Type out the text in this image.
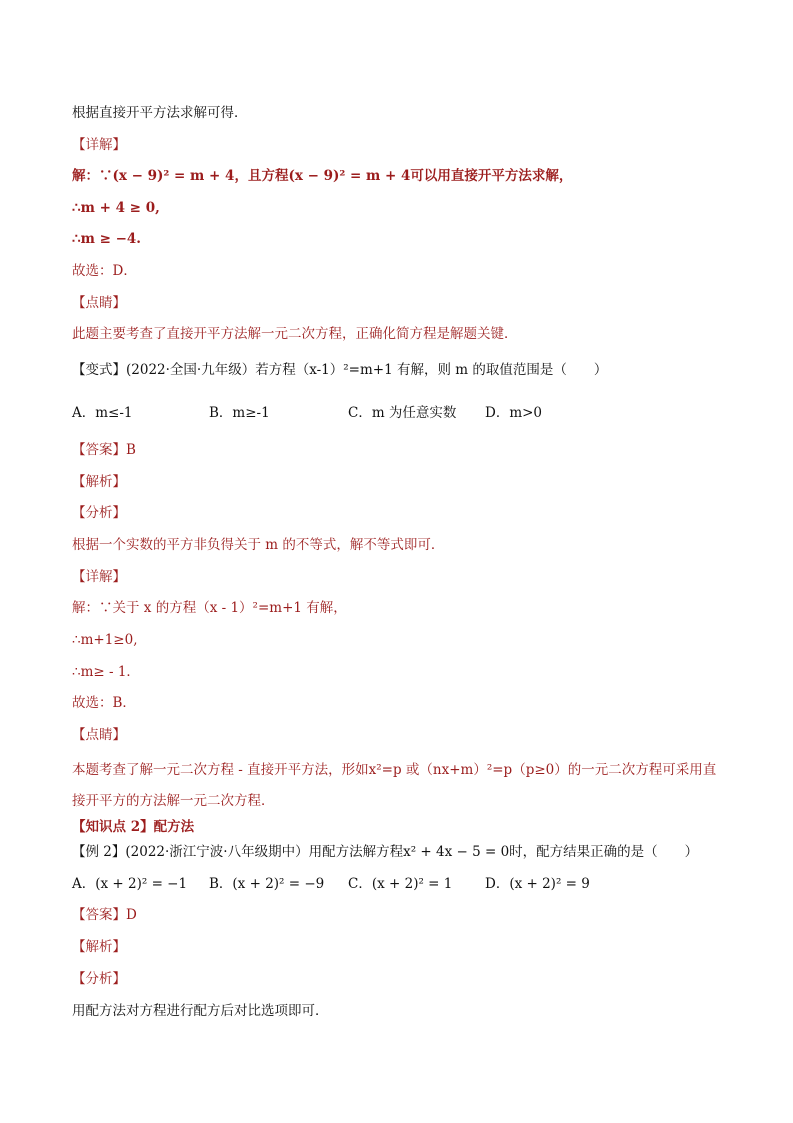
根据直接开平方法求解可得．
【详解】
解：∵(x − 9)² = m + 4，且方程(x − 9)² = m + 4可以用直接开平方法求解，
∴m + 4 ≥ 0,
∴m ≥ −4.
故选：D．
【点睛】
此题主要考查了直接开平方法解一元二次方程，正确化简方程是解题关键．
【变式】(2022·全国·九年级）若方程（x-1）²=m+1 有解，则 m 的取值范围是（　　）
A．m≤-1	B．m≥-1	C．m 为任意实数 D．m>0
【答案】B
【解析】
【分析】
根据一个实数的平方非负得关于 m 的不等式，解不等式即可．
【详解】
解：∵关于 x 的方程（x - 1）²=m+1 有解，
∴m+1≥0,
∴m≥ - 1．
故选：B．
【点睛】
本题考查了解一元二次方程 - 直接开平方法，形如x²=p 或（nx+m）²=p（p≥0）的一元二次方程可采用直
接开平方的方法解一元二次方程．
【知识点 2】配方法
【例 2】(2022·浙江宁波·八年级期中）用配方法解方程x² + 4x − 5 = 0时，配方结果正确的是（　　）
A．(x + 2)² = −1 B．(x + 2)² = −9 C．(x + 2)² = 1 D．(x + 2)² = 9
【答案】D
【解析】
【分析】
用配方法对方程进行配方后对比选项即可．
